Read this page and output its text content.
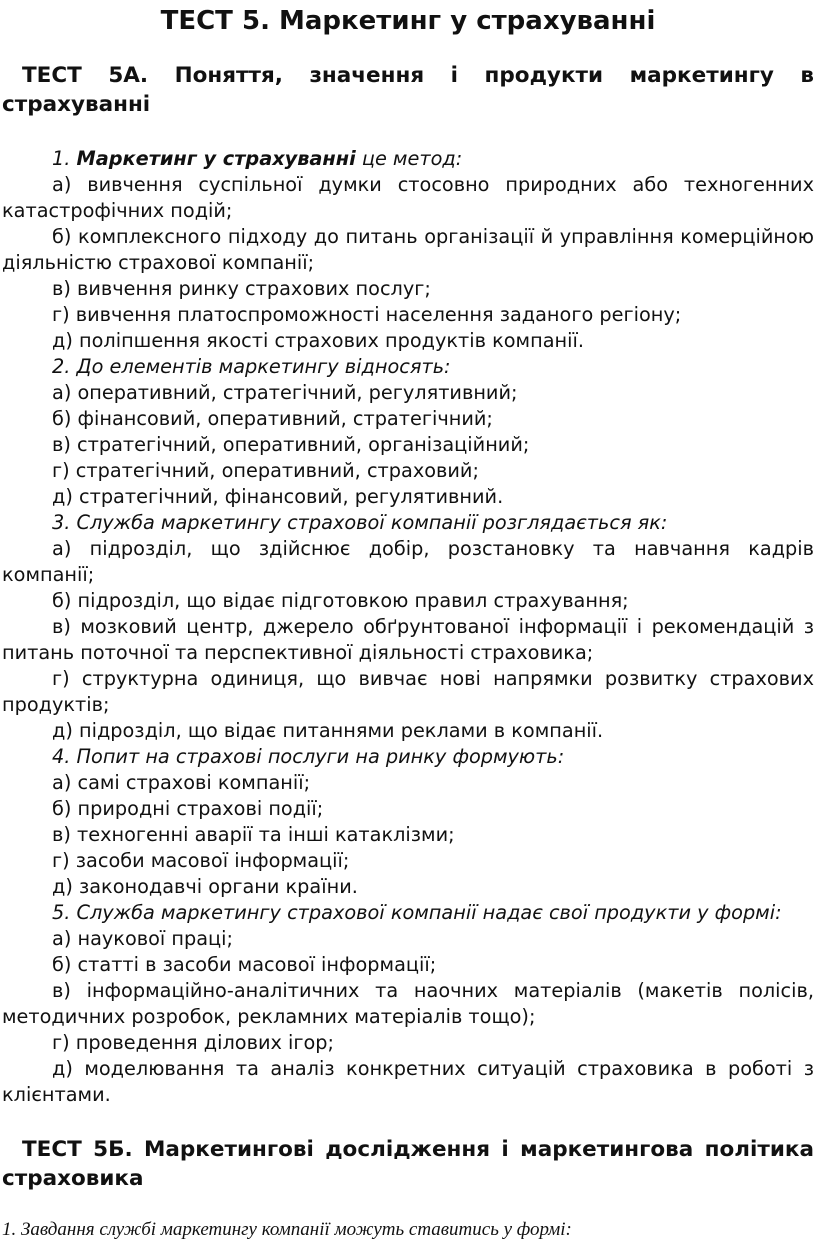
ТЕСТ 5. Маркетинг у страхуванні

ТЕСТ 5А. Поняття, значення і продукти маркетингу в страхуванні

1. Маркетинг у страхуванні це метод:

а) вивчення суспільної думки стосовно природних або техногенних катастрофічних подій;

б) комплексного підходу до питань організації й управління комерційною діяльністю страхової компанії;

в) вивчення ринку страхових послуг;

г) вивчення платоспроможності населення заданого регіону;

д) поліпшення якості страхових продуктів компанії.

2. До елементів маркетингу відносять:

а) оперативний, стратегічний, регулятивний;

б) фінансовий, оперативний, стратегічний;

в) стратегічний, оперативний, організаційний;

г) стратегічний, оперативний, страховий;

д) стратегічний, фінансовий, регулятивний.

3. Служба маркетингу страхової компанії розглядається як:

а) підрозділ, що здійснює добір, розстановку та навчання кадрів компанії;

б) підрозділ, що відає підготовкою правил страхування;

в) мозковий центр, джерело обґрунтованої інформації і рекомендацій з питань поточної та перспективної діяльності страховика;

г) структурна одиниця, що вивчає нові напрямки розвитку страхових продуктів;

д) підрозділ, що відає питаннями реклами в компанії.

4. Попит на страхові послуги на ринку формують:

а) самі страхові компанії;

б) природні страхові події;

в) техногенні аварії та інші катаклізми;

г) засоби масової інформації;

д) законодавчі органи країни.

5. Служба маркетингу страхової компанії надає свої продукти у формі:

а) наукової праці;

б) статті в засоби масової інформації;

в) інформаційно-аналітичних та наочних матеріалів (макетів полісів, методичних розробок, рекламних матеріалів тощо);

г) проведення ділових ігор;

д) моделювання та аналіз конкретних ситуацій страховика в роботі з клієнтами.

ТЕСТ 5Б. Маркетингові дослідження і маркетингова політика страховика

1. Завдання службі маркетингу компанії можуть ставитись у формі:
